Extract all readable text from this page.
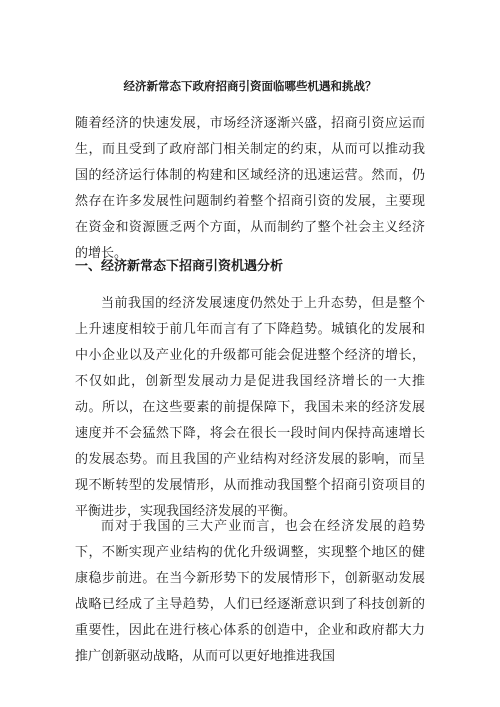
经济新常态下政府招商引资面临哪些机遇和挑战？

随着经济的快速发展，市场经济逐渐兴盛，招商引资应运而生，而且受到了政府部门相关制定的约束，从而可以推动我国的经济运行体制的构建和区域经济的迅速运营。然而，仍然存在许多发展性问题制约着整个招商引资的发展，主要现在资金和资源匮乏两个方面，从而制约了整个社会主义经济的增长。

一、经济新常态下招商引资机遇分析

当前我国的经济发展速度仍然处于上升态势，但是整个上升速度相较于前几年而言有了下降趋势。城镇化的发展和中小企业以及产业化的升级都可能会促进整个经济的增长，不仅如此，创新型发展动力是促进我国经济增长的一大推动。所以，在这些要素的前提保障下，我国未来的经济发展速度并不会猛然下降，将会在很长一段时间内保持高速增长的发展态势。而且我国的产业结构对经济发展的影响，而呈现不断转型的发展情形，从而推动我国整个招商引资项目的平衡进步，实现我国经济发展的平衡。

而对于我国的三大产业而言，也会在经济发展的趋势下，不断实现产业结构的优化升级调整，实现整个地区的健康稳步前进。在当今新形势下的发展情形下，创新驱动发展战略已经成了主导趋势，人们已经逐渐意识到了科技创新的重要性，因此在进行核心体系的创造中，企业和政府都大力推广创新驱动战略，从而可以更好地推进我国
